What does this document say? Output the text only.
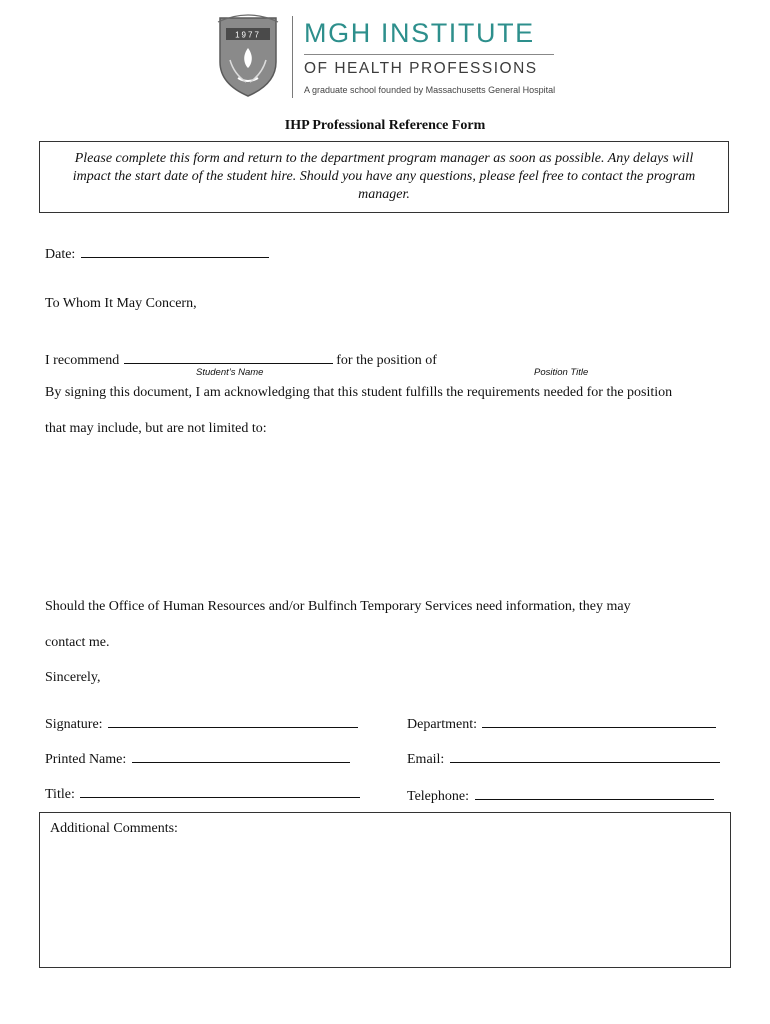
1977 MGH INSTITUTE
OF HEALTH PROFESSIONS
A graduate school founded by Massachusetts General Hospital
IHP Professional Reference Form
Please complete this form and return to the department program manager as soon as possible. Any delays will impact the start date of the student hire. Should you have any questions, please feel free to contact the program manager.
Date:
To Whom It May Concern,
I recommend	for the position of
Student’s Name	Position Title
By signing this document, I am acknowledging that this student fulfills the requirements needed for the position
that may include, but are not limited to:
Should the Office of Human Resources and/or Bulfinch Temporary Services need information, they may
contact me.
Sincerely,
Signature:
Printed Name:
Title:
Department:
Email:
Telephone:
Additional Comments:
